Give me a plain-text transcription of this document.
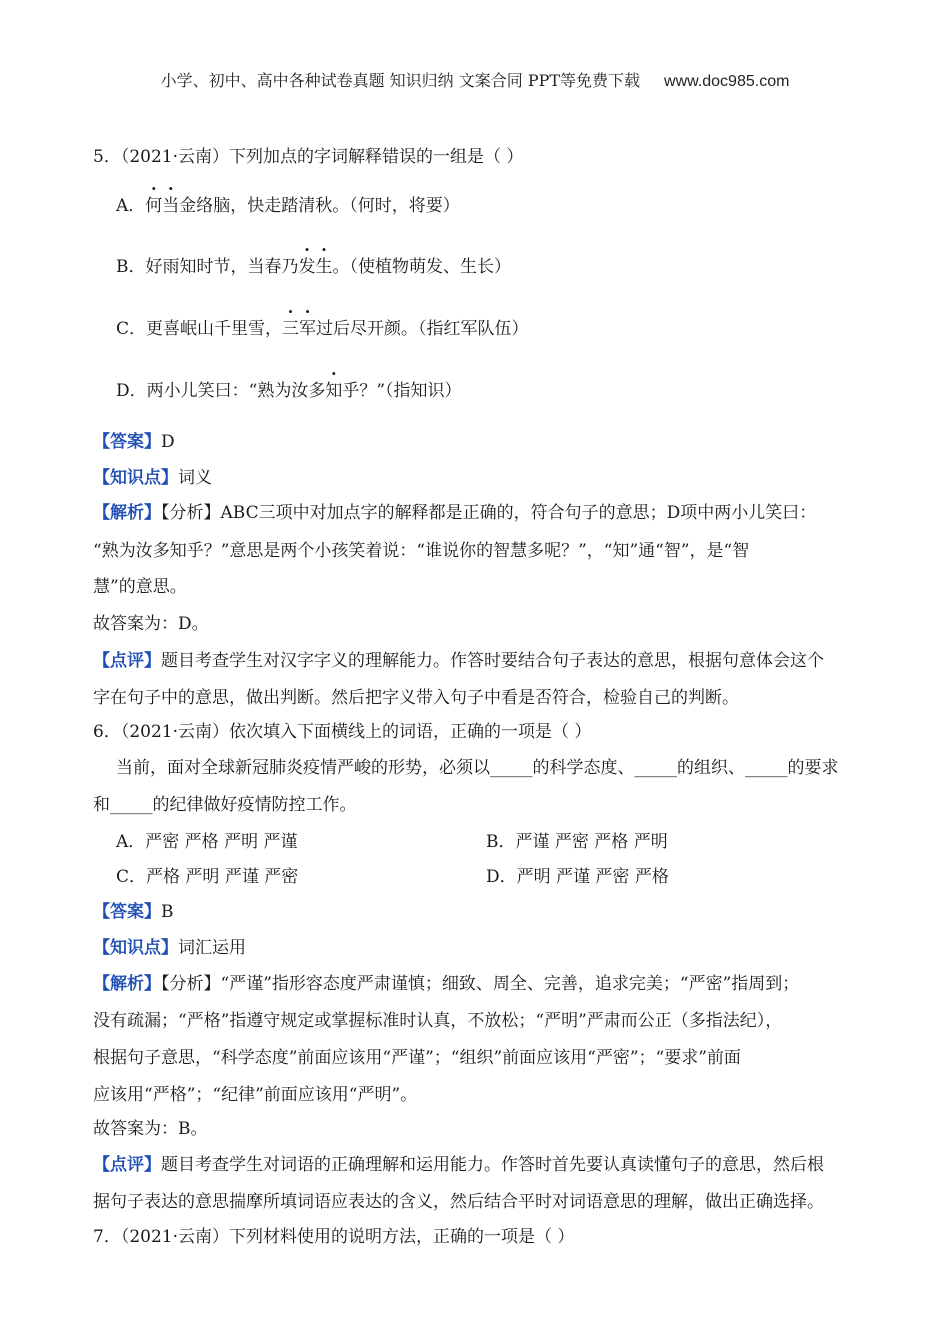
小学、初中、高中各种试卷真题 知识归纳 文案合同 PPT等免费下载 www.doc985.com
5．（2021·云南）下列加点的字词解释错误的一组是（ ）
A．何当金络脑，快走踏清秋。（何时，将要）
B．好雨知时节，当春乃发生。（使植物萌发、生长）
C．更喜岷山千里雪，三军过后尽开颜。（指红军队伍）
D．两小儿笑曰：“熟为汝多知乎？”（指知识）
【答案】D
【知识点】词义
【解析】【分析】ABC三项中对加点字的解释都是正确的，符合句子的意思；D项中两小儿笑曰：
“熟为汝多知乎？”意思是两个小孩笑着说：“谁说你的智慧多呢？”，“知”通“智”，是“智
慧”的意思。
故答案为：D。
【点评】题目考查学生对汉字字义的理解能力。作答时要结合句子表达的意思，根据句意体会这个
字在句子中的意思，做出判断。然后把字义带入句子中看是否符合，检验自己的判断。
6．（2021·云南）依次填入下面横线上的词语，正确的一项是（ ）
当前，面对全球新冠肺炎疫情严峻的形势，必须以_____的科学态度、_____的组织、_____的要求
和_____的纪律做好疫情防控工作。
A．严密 严格 严明 严谨	B．严谨 严密 严格 严明
C．严格 严明 严谨 严密	D．严明 严谨 严密 严格
【答案】B
【知识点】词汇运用
【解析】【分析】“严谨”指形容态度严肃谨慎；细致、周全、完善，追求完美；“严密”指周到；
没有疏漏；“严格”指遵守规定或掌握标准时认真，不放松；“严明”严肃而公正（多指法纪），
根据句子意思，“科学态度”前面应该用“严谨”；“组织”前面应该用“严密”；“要求”前面
应该用“严格”；“纪律”前面应该用“严明”。
故答案为：B。
【点评】题目考查学生对词语的正确理解和运用能力。作答时首先要认真读懂句子的意思，然后根
据句子表达的意思揣摩所填词语应表达的含义，然后结合平时对词语意思的理解，做出正确选择。
7．（2021·云南）下列材料使用的说明方法，正确的一项是（ ）
